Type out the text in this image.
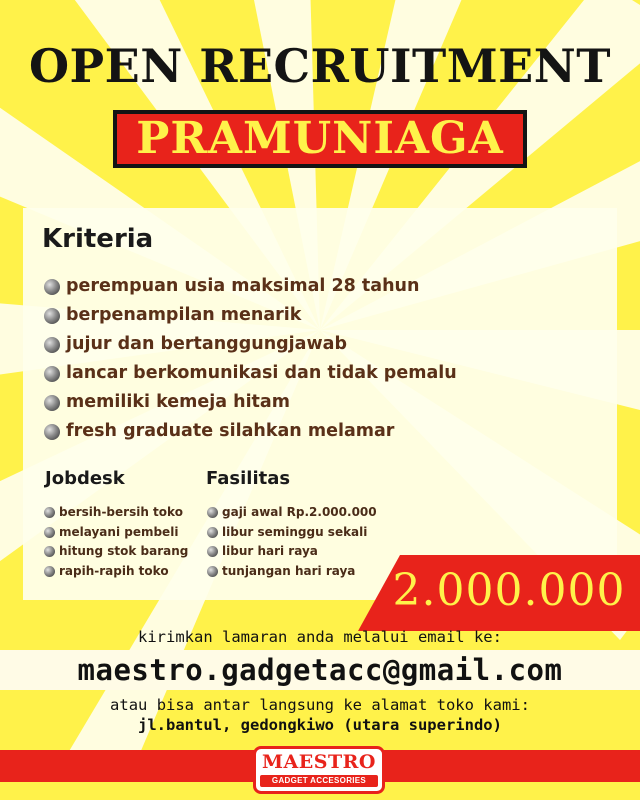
OPEN RECRUITMENT
PRAMUNIAGA
Kriteria
perempuan usia maksimal 28 tahun
berpenampilan menarik
jujur dan bertanggungjawab
lancar berkomunikasi dan tidak pemalu
memiliki kemeja hitam
fresh graduate silahkan melamar
Jobdesk
bersih-bersih toko
melayani pembeli
hitung stok barang
rapih-rapih toko
Fasilitas
gaji awal Rp.2.000.000
libur seminggu sekali
libur hari raya
tunjangan hari raya 2.000.000
kirimkan lamaran anda melalui email ke:
maestro.gadgetacc@gmail.com
atau bisa antar langsung ke alamat toko kami:
jl.bantul, gedongkiwo (utara superindo)
MAESTRO
GADGET ACCESORIES
